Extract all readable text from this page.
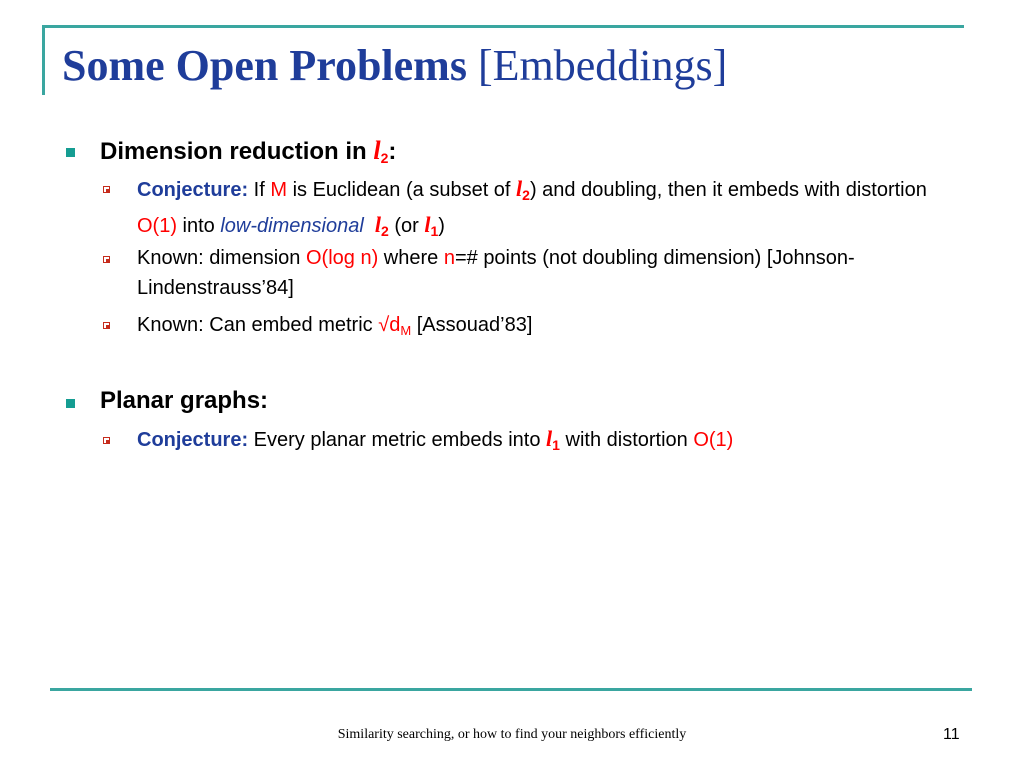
Some Open Problems [Embeddings]
Dimension reduction in $l_2$:
Conjecture: If M is Euclidean (a subset of $l_2$) and doubling, then it embeds with distortion O(1) into low-dimensional $l_2$ (or $l_1$)
Known: dimension O(log n) where n=# points (not doubling dimension) [Johnson-Lindenstrauss’84]
Known: Can embed metric $√d_M$ [Assouad’83]
Planar graphs:
Conjecture: Every planar metric embeds into $l_1$ with distortion O(1)
Similarity searching, or how to find your neighbors efficiently	11
